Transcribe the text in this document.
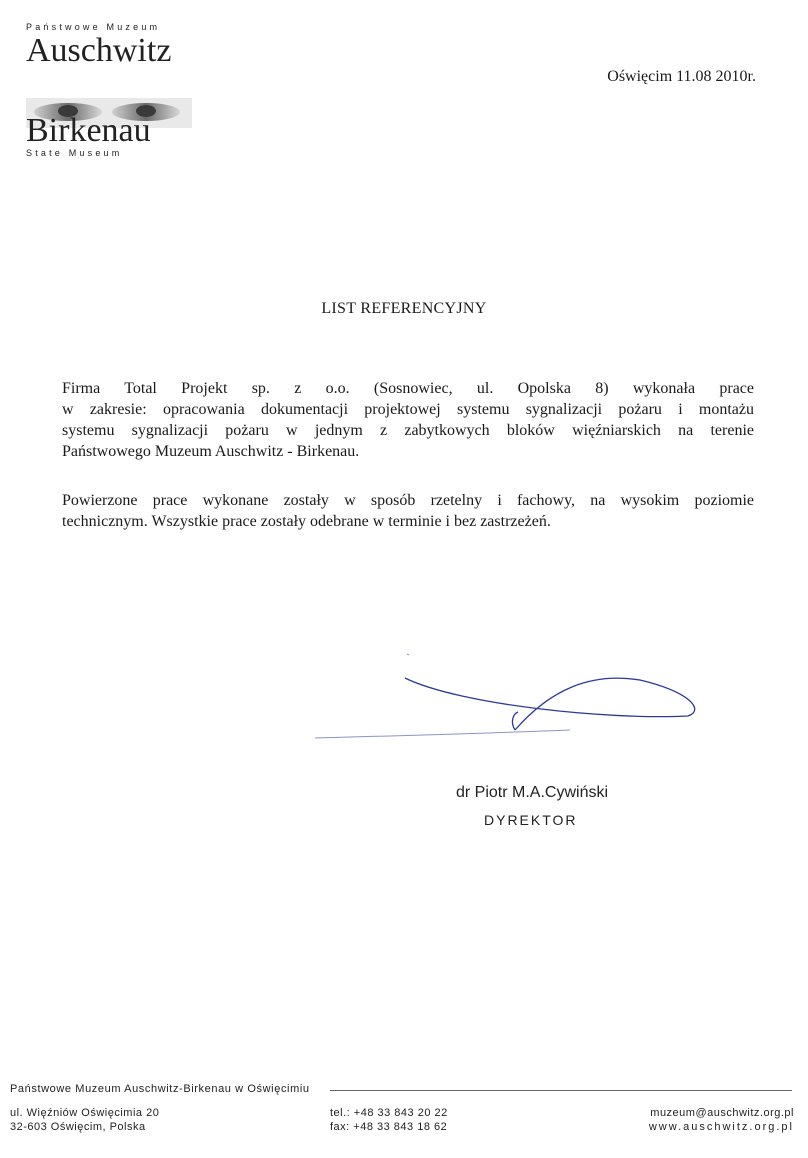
Państwowe Muzeum
Auschwitz
Birkenau
State Museum
Oświęcim 11.08 2010r.
LIST REFERENCYJNY
Firma Total Projekt sp. z o.o. (Sosnowiec, ul. Opolska 8) wykonała prace
w zakresie: opracowania dokumentacji projektowej systemu sygnalizacji pożaru i montażu
systemu sygnalizacji pożaru w jednym z zabytkowych bloków więźniarskich na terenie
Państwowego Muzeum Auschwitz - Birkenau.
Powierzone prace wykonane zostały w sposób rzetelny i fachowy, na wysokim poziomie
technicznym. Wszystkie prace zostały odebrane w terminie i bez zastrzeżeń.
dr Piotr M.A.Cywiński
DYREKTOR
Państwowe Muzeum Auschwitz-Birkenau w Oświęcimiu
ul. Więźniów Oświęcimia 20
32-603 Oświęcim, Polska
tel.: +48 33 843 20 22
fax: +48 33 843 18 62
muzeum@auschwitz.org.pl
www.auschwitz.org.pl
